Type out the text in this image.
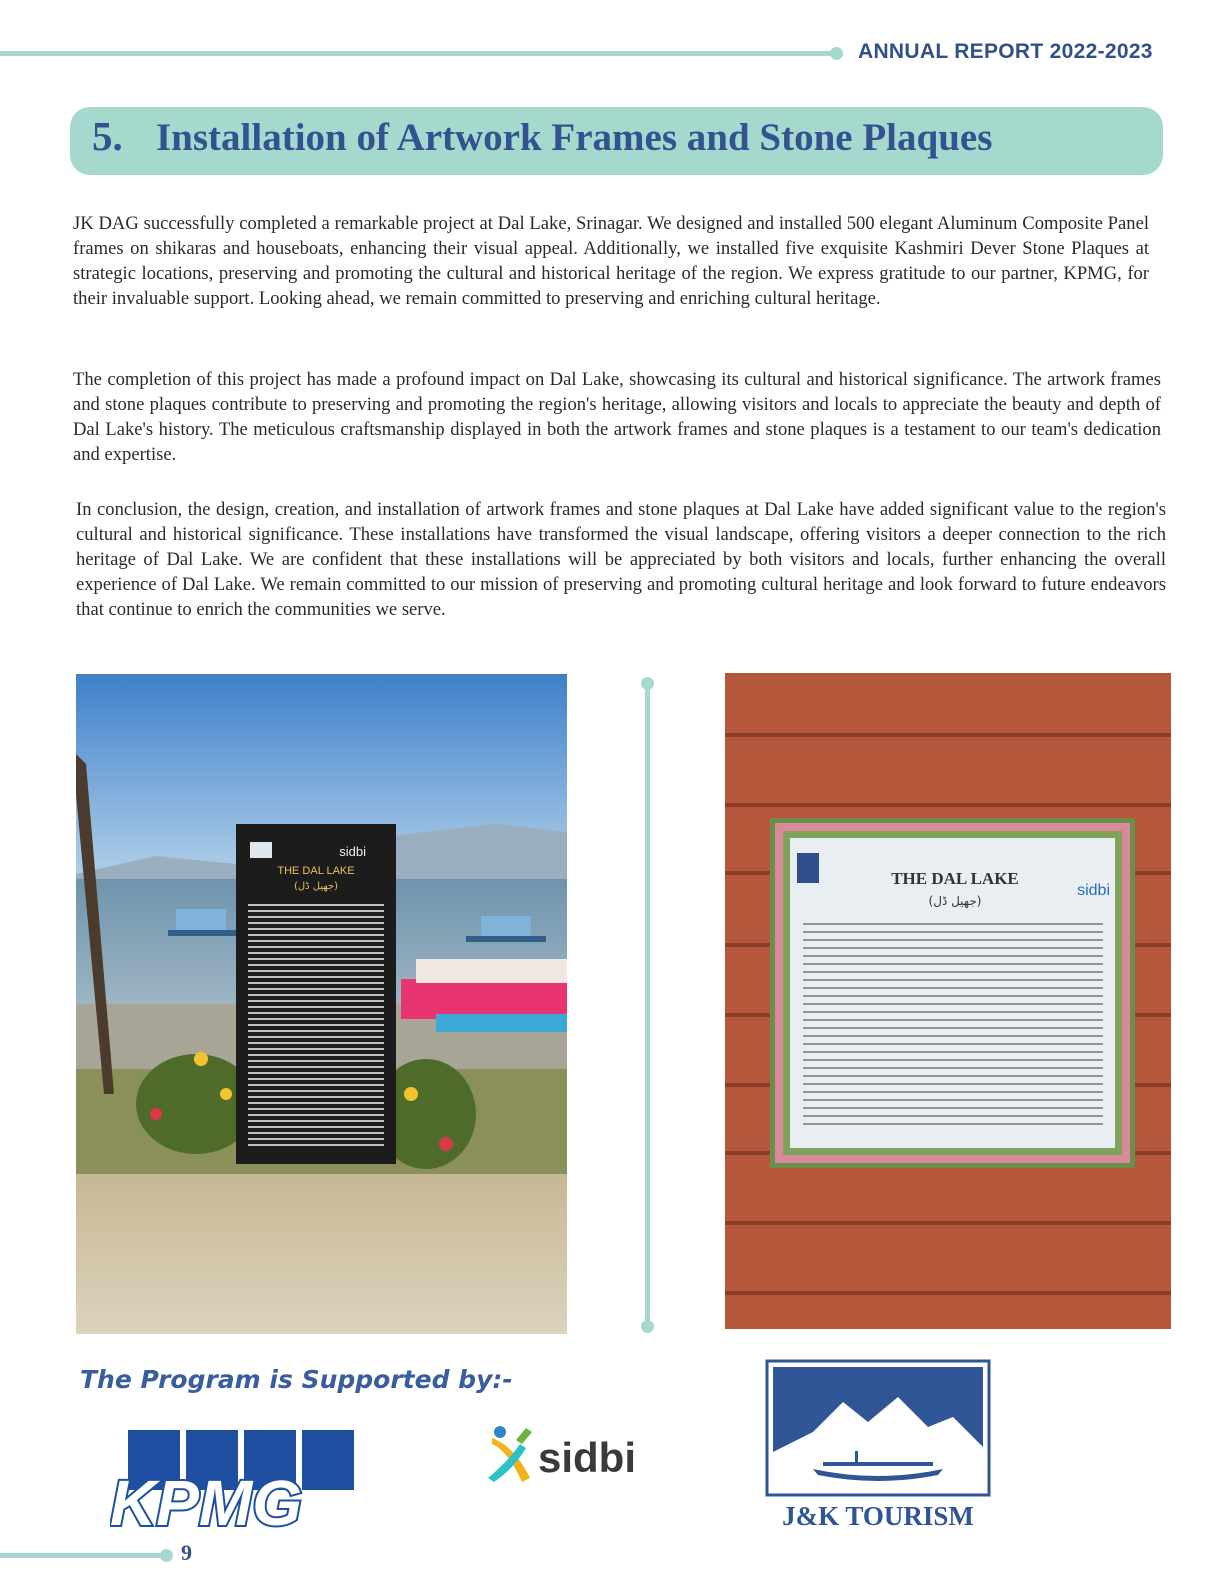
ANNUAL REPORT 2022-2023
5. Installation of Artwork Frames and Stone Plaques

JK DAG successfully completed a remarkable project at Dal Lake, Srinagar. We designed and installed 500 elegant Aluminum Composite Panel frames on shikaras and houseboats, enhancing their visual appeal. Additionally, we installed five exquisite Kashmiri Dever Stone Plaques at strategic locations, preserving and promoting the cultural and historical heritage of the region. We express gratitude to our partner, KPMG, for their invaluable support. Looking ahead, we remain committed to preserving and enriching cultural heritage.

The completion of this project has made a profound impact on Dal Lake, showcasing its cultural and historical significance. The artwork frames and stone plaques contribute to preserving and promoting the region's heritage, allowing visitors and locals to appreciate the beauty and depth of Dal Lake's history. The meticulous craftsmanship displayed in both the artwork frames and stone plaques is a testament to our team's dedication and expertise.

In conclusion, the design, creation, and installation of artwork frames and stone plaques at Dal Lake have added significant value to the region's cultural and historical significance. These installations have transformed the visual landscape, offering visitors a deeper connection to the rich heritage of Dal Lake. We are confident that these installations will be appreciated by both visitors and locals, further enhancing the overall experience of Dal Lake. We remain committed to our mission of preserving and promoting cultural heritage and look forward to future endeavors that continue to enrich the communities we serve.

sidbi
THE DAL LAKE
(جھیل ڈل)	THE DAL LAKE
(جھیل ڈل)
sidbi
The Program is Supported by:-
KPMG
sidbi
J&K TOURISM
9
